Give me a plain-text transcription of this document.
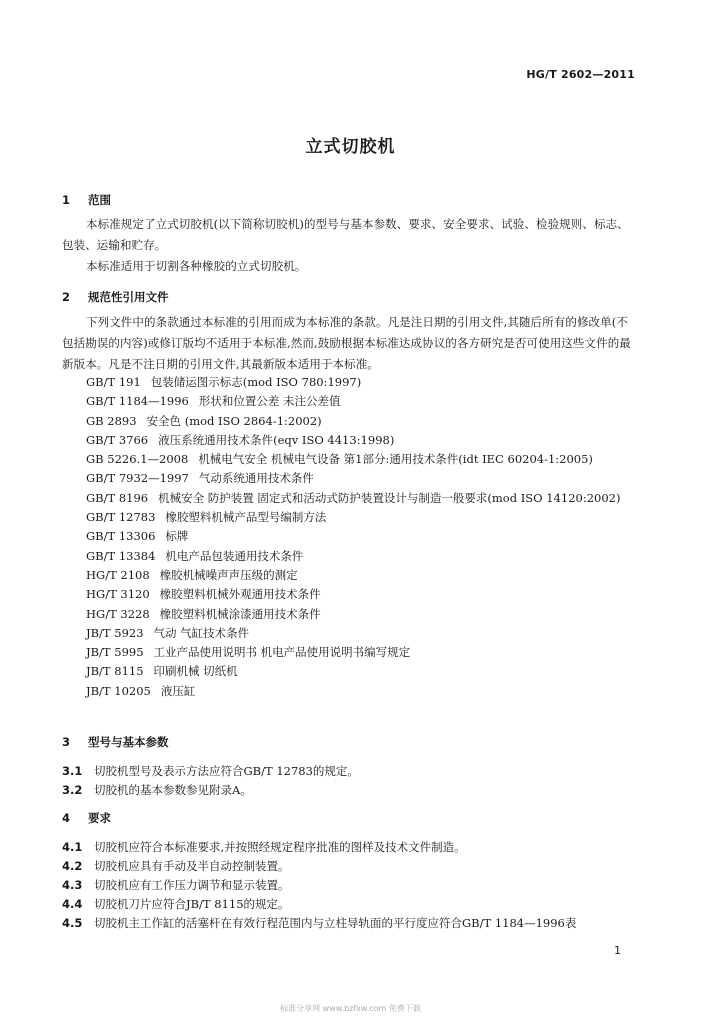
HG/T 2602—2011
立式切胶机
1 范围
本标准规定了立式切胶机(以下简称切胶机)的型号与基本参数、要求、安全要求、试验、检验规则、标志、包装、运输和贮存。
本标准适用于切割各种橡胶的立式切胶机。
2 规范性引用文件
下列文件中的条款通过本标准的引用而成为本标准的条款。凡是注日期的引用文件,其随后所有的修改单(不包括勘误的内容)或修订版均不适用于本标准,然而,鼓励根据本标准达成协议的各方研究是否可使用这些文件的最新版本。凡是不注日期的引用文件,其最新版本适用于本标准。
GB/T 191 包装储运图示标志(mod ISO 780:1997)
GB/T 1184—1996 形状和位置公差 未注公差值
GB 2893 安全色 (mod ISO 2864-1:2002)
GB/T 3766 液压系统通用技术条件(eqv ISO 4413:1998)
GB 5226.1—2008 机械电气安全 机械电气设备 第1部分:通用技术条件(idt IEC 60204-1:2005)
GB/T 7932—1997 气动系统通用技术条件
GB/T 8196 机械安全 防护装置 固定式和活动式防护装置设计与制造一般要求(mod ISO 14120:2002)
GB/T 12783 橡胶塑料机械产品型号编制方法
GB/T 13306 标牌
GB/T 13384 机电产品包装通用技术条件
HG/T 2108 橡胶机械噪声声压级的测定
HG/T 3120 橡胶塑料机械外观通用技术条件
HG/T 3228 橡胶塑料机械涂漆通用技术条件
JB/T 5923 气动 气缸技术条件
JB/T 5995 工业产品使用说明书 机电产品使用说明书编写规定
JB/T 8115 印刷机械 切纸机
JB/T 10205 液压缸
3 型号与基本参数
3.1 切胶机型号及表示方法应符合GB/T 12783的规定。
3.2 切胶机的基本参数参见附录A。
4 要求
4.1 切胶机应符合本标准要求,并按照经规定程序批准的图样及技术文件制造。
4.2 切胶机应具有手动及半自动控制装置。
4.3 切胶机应有工作压力调节和显示装置。
4.4 切胶机刀片应符合JB/T 8115的规定。
4.5 切胶机主工作缸的活塞杆在有效行程范围内与立柱导轨面的平行度应符合GB/T 1184—1996表
1
标准分享网 www.bzfxw.com 免费下载
